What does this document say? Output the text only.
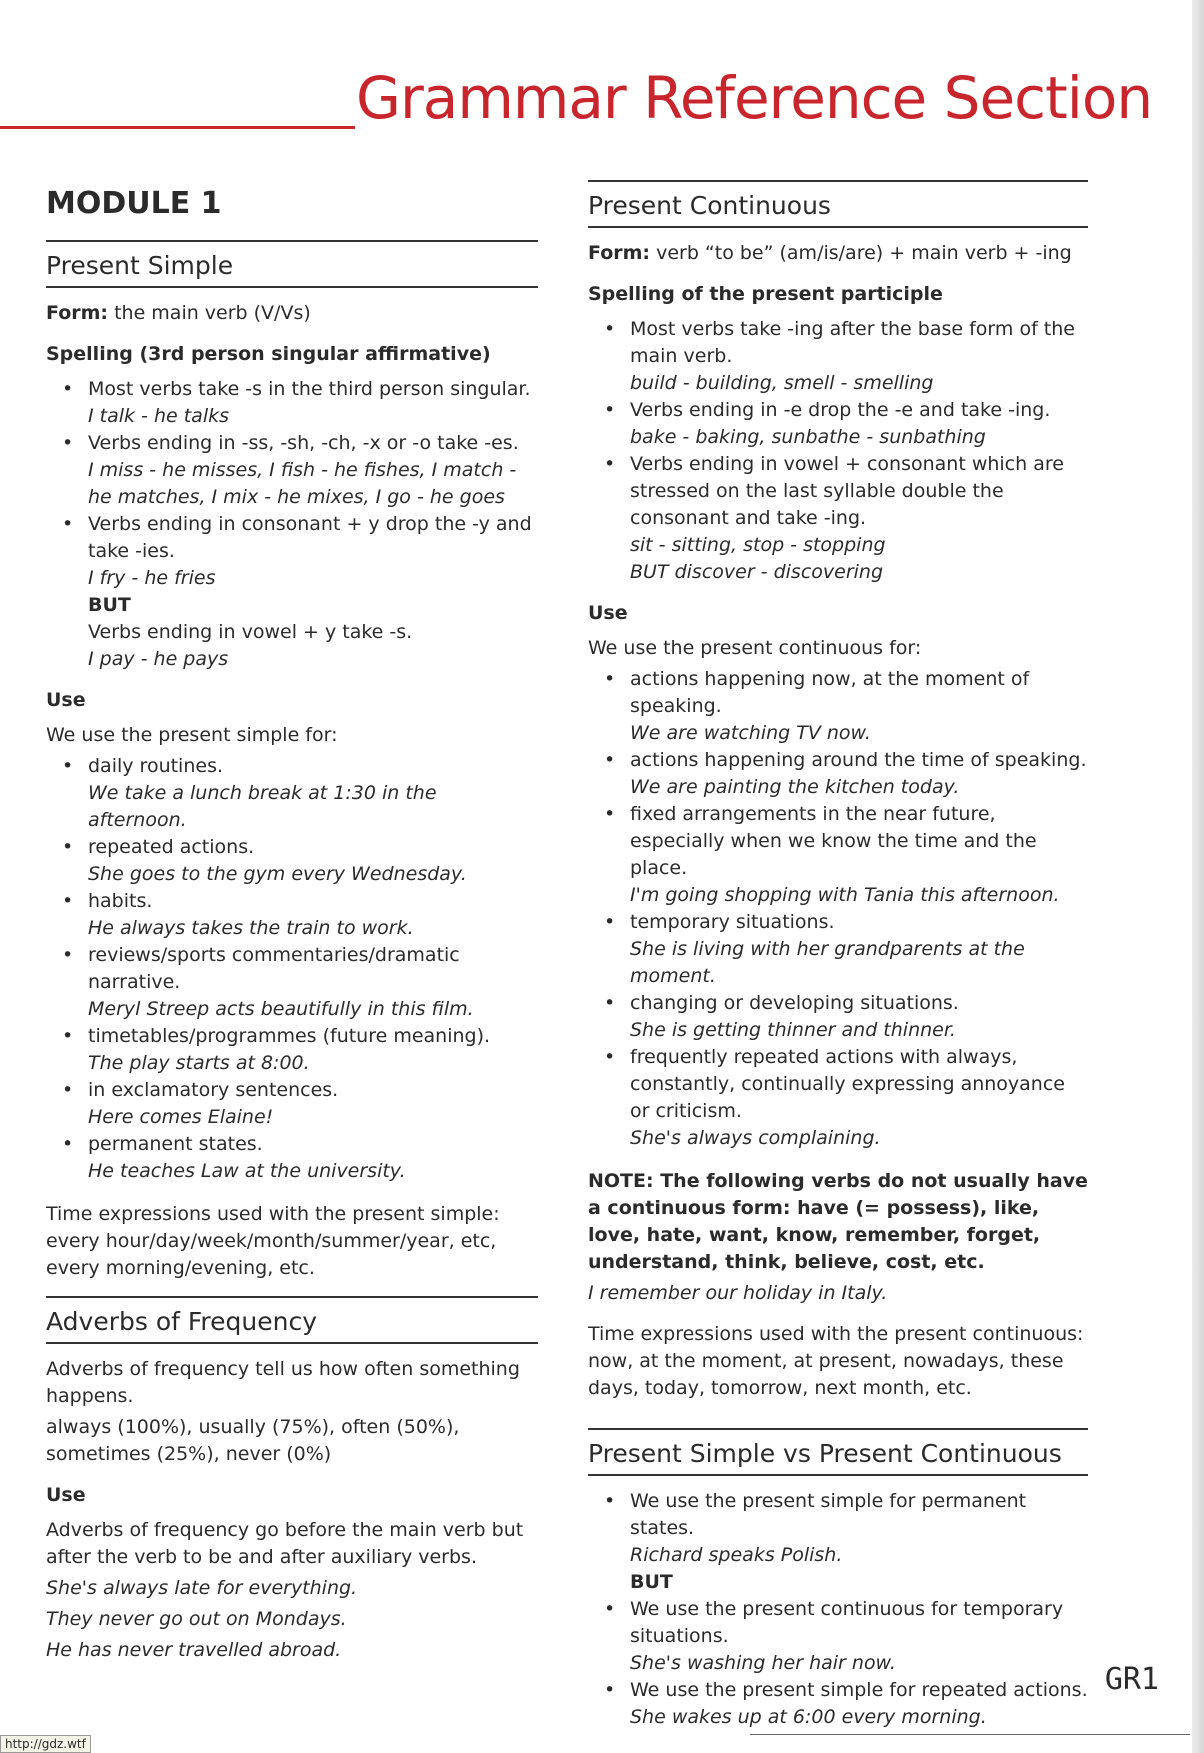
Grammar Reference Section
MODULE 1
Present Simple

Form: the main verb (V/Vs)

Spelling (3rd person singular affirmative)
• Most verbs take -s in the third person singular.
I talk - he talks
• Verbs ending in -ss, -sh, -ch, -x or -o take -es.
I miss - he misses, I fish - he fishes, I match - he matches, I mix - he mixes, I go - he goes
• Verbs ending in consonant + y drop the -y and take -ies.
I fry - he fries
BUT
Verbs ending in vowel + y take -s.
I pay - he pays
Use

We use the present simple for:

• daily routines.
We take a lunch break at 1:30 in the afternoon.
• repeated actions.
She goes to the gym every Wednesday.
• habits.
He always takes the train to work.
• reviews/sports commentaries/dramatic narrative.
Meryl Streep acts beautifully in this film.
• timetables/programmes (future meaning).
The play starts at 8:00.
• in exclamatory sentences.
Here comes Elaine!
• permanent states.
He teaches Law at the university.

Time expressions used with the present simple: every hour/day/week/month/summer/year, etc, every morning/evening, etc.

Adverbs of Frequency

Adverbs of frequency tell us how often something happens.

always (100%), usually (75%), often (50%), sometimes (25%), never (0%)

Use

Adverbs of frequency go before the main verb but after the verb to be and after auxiliary verbs.

She's always late for everything.

They never go out on Mondays.

He has never travelled abroad.

Present Continuous

Form: verb “to be” (am/is/are) + main verb + -ing

Spelling of the present participle
• Most verbs take -ing after the base form of the main verb.
build - building, smell - smelling
• Verbs ending in -e drop the -e and take -ing.
bake - baking, sunbathe - sunbathing
• Verbs ending in vowel + consonant which are stressed on the last syllable double the consonant and take -ing.
sit - sitting, stop - stopping
BUT discover - discovering
Use

We use the present continuous for:

• actions happening now, at the moment of speaking.
We are watching TV now.
• actions happening around the time of speaking.
We are painting the kitchen today.
• fixed arrangements in the near future, especially when we know the time and the place.
I'm going shopping with Tania this afternoon.
• temporary situations.
She is living with her grandparents at the moment.
• changing or developing situations.
She is getting thinner and thinner.
• frequently repeated actions with always, constantly, continually expressing annoyance or criticism.
She's always complaining.

NOTE: The following verbs do not usually have a continuous form: have (= possess), like, love, hate, want, know, remember, forget, understand, think, believe, cost, etc.

I remember our holiday in Italy.

Time expressions used with the present continuous: now, at the moment, at present, nowadays, these days, today, tomorrow, next month, etc.

Present Simple vs Present Continuous
• We use the present simple for permanent states.
Richard speaks Polish.
BUT
• We use the present continuous for temporary situations.
She's washing her hair now.
• We use the present simple for repeated actions.
She wakes up at 6:00 every morning.
GR1
http://gdz.wtf
